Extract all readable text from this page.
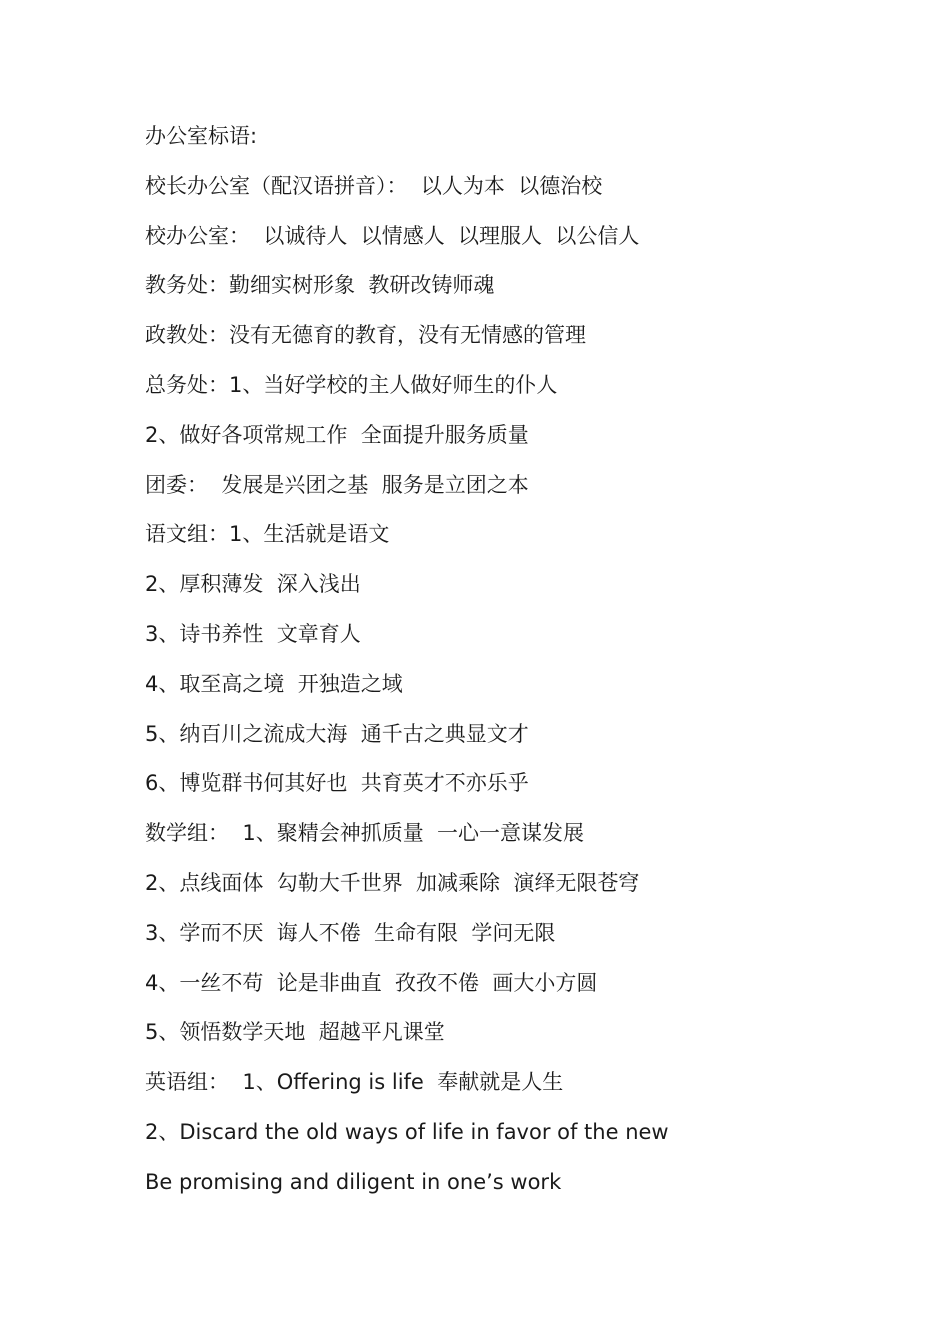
办公室标语:
校长办公室（配汉语拼音）：  以人为本  以德治校
校办公室：  以诚待人  以情感人  以理服人  以公信人
教务处：勤细实树形象  教研改铸师魂
政教处：没有无德育的教育，没有无情感的管理
总务处：1、当好学校的主人做好师生的仆人
2、做好各项常规工作  全面提升服务质量
团委：  发展是兴团之基  服务是立团之本
语文组：1、生活就是语文
2、厚积薄发  深入浅出
3、诗书养性  文章育人
4、取至高之境  开独造之域
5、纳百川之流成大海  通千古之典显文才
6、博览群书何其好也  共育英才不亦乐乎
数学组：  1、聚精会神抓质量  一心一意谋发展
2、点线面体  勾勒大千世界  加减乘除  演绎无限苍穹
3、学而不厌  诲人不倦  生命有限  学问无限
4、一丝不苟  论是非曲直  孜孜不倦  画大小方圆
5、领悟数学天地  超越平凡课堂
英语组：  1、Offering is life  奉献就是人生
2、Discard the old ways of life in favor of the new
Be promising and diligent in one’s work
